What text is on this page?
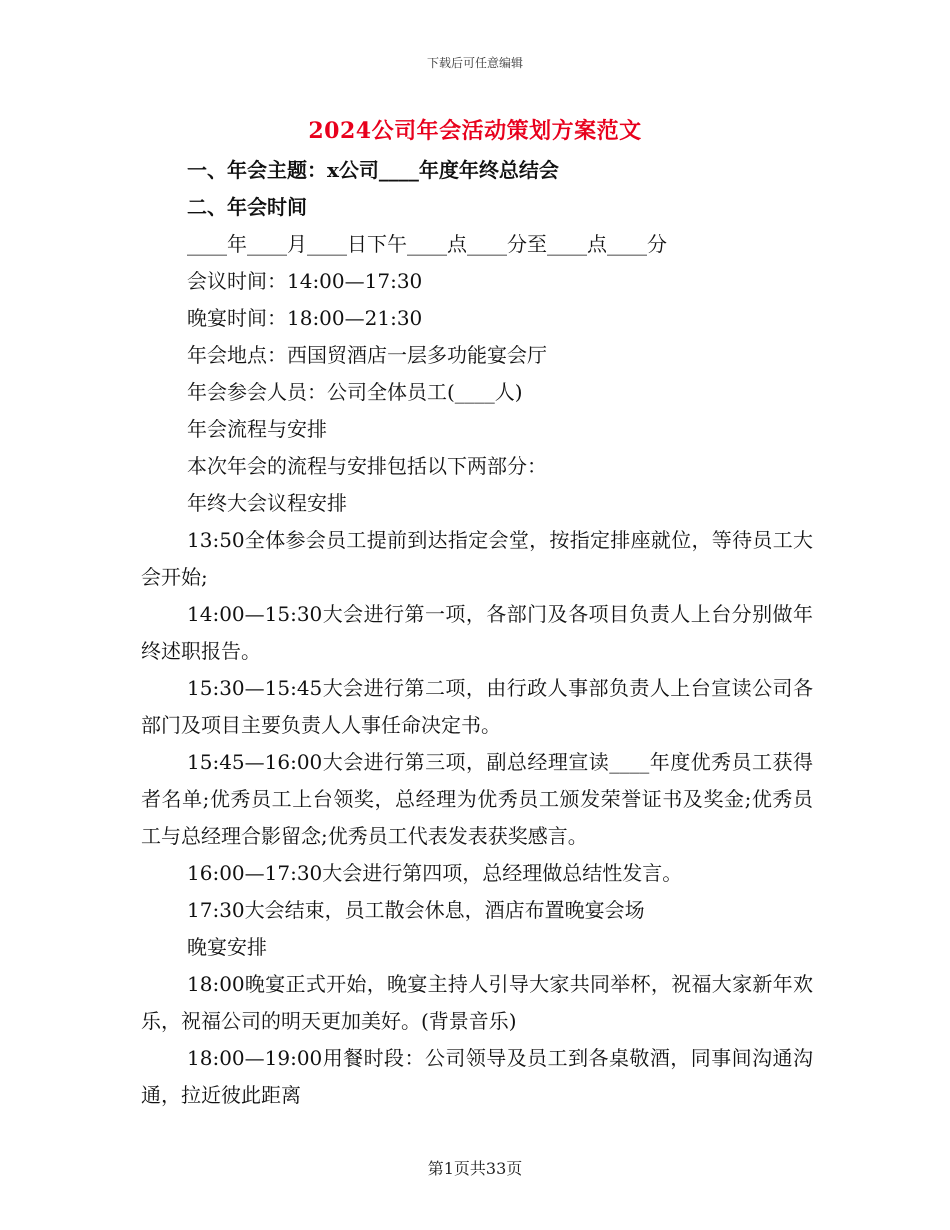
下载后可任意编辑
2024公司年会活动策划方案范文
一、年会主题：x公司____年度年终总结会
二、年会时间
____年____月____日下午____点____分至____点____分
会议时间：14:00—17:30
晚宴时间：18:00—21:30
年会地点：西国贸酒店一层多功能宴会厅
年会参会人员：公司全体员工(____人)
年会流程与安排
本次年会的流程与安排包括以下两部分：
年终大会议程安排
13:50全体参会员工提前到达指定会堂，按指定排座就位，等待员工大会开始;
14:00—15:30大会进行第一项，各部门及各项目负责人上台分别做年终述职报告。
15:30—15:45大会进行第二项，由行政人事部负责人上台宣读公司各部门及项目主要负责人人事任命决定书。
15:45—16:00大会进行第三项，副总经理宣读____年度优秀员工获得者名单;优秀员工上台领奖，总经理为优秀员工颁发荣誉证书及奖金;优秀员工与总经理合影留念;优秀员工代表发表获奖感言。
16:00—17:30大会进行第四项，总经理做总结性发言。
17:30大会结束，员工散会休息，酒店布置晚宴会场
晚宴安排
18:00晚宴正式开始，晚宴主持人引导大家共同举杯，祝福大家新年欢乐，祝福公司的明天更加美好。(背景音乐)
18:00—19:00用餐时段：公司领导及员工到各桌敬酒，同事间沟通沟通，拉近彼此距离
第1页共33页
